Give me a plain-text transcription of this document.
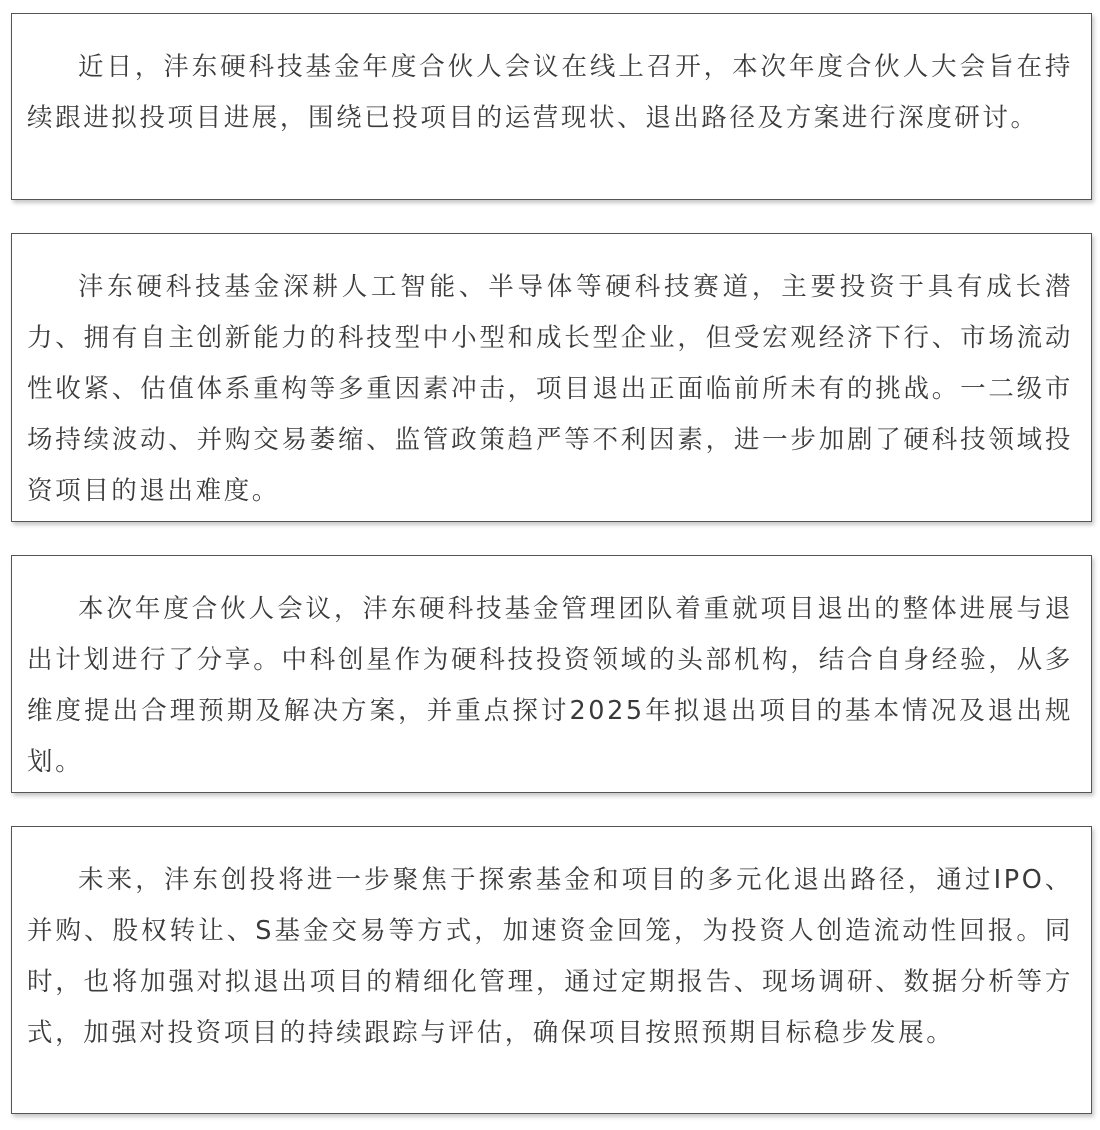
近日，沣东硬科技基金年度合伙人会议在线上召开，本次年度合伙人大会旨在持续跟进拟投项目进展，围绕已投项目的运营现状、退出路径及方案进行深度研讨。

沣东硬科技基金深耕人工智能、半导体等硬科技赛道，主要投资于具有成长潜力、拥有自主创新能力的科技型中小型和成长型企业，但受宏观经济下行、市场流动性收紧、估值体系重构等多重因素冲击，项目退出正面临前所未有的挑战。一二级市场持续波动、并购交易萎缩、监管政策趋严等不利因素，进一步加剧了硬科技领域投资项目的退出难度。

本次年度合伙人会议，沣东硬科技基金管理团队着重就项目退出的整体进展与退出计划进行了分享。中科创星作为硬科技投资领域的头部机构，结合自身经验，从多维度提出合理预期及解决方案，并重点探讨2025年拟退出项目的基本情况及退出规划。

未来，沣东创投将进一步聚焦于探索基金和项目的多元化退出路径，通过IPO、并购、股权转让、S基金交易等方式，加速资金回笼，为投资人创造流动性回报。同时，也将加强对拟退出项目的精细化管理，通过定期报告、现场调研、数据分析等方式，加强对投资项目的持续跟踪与评估，确保项目按照预期目标稳步发展。
